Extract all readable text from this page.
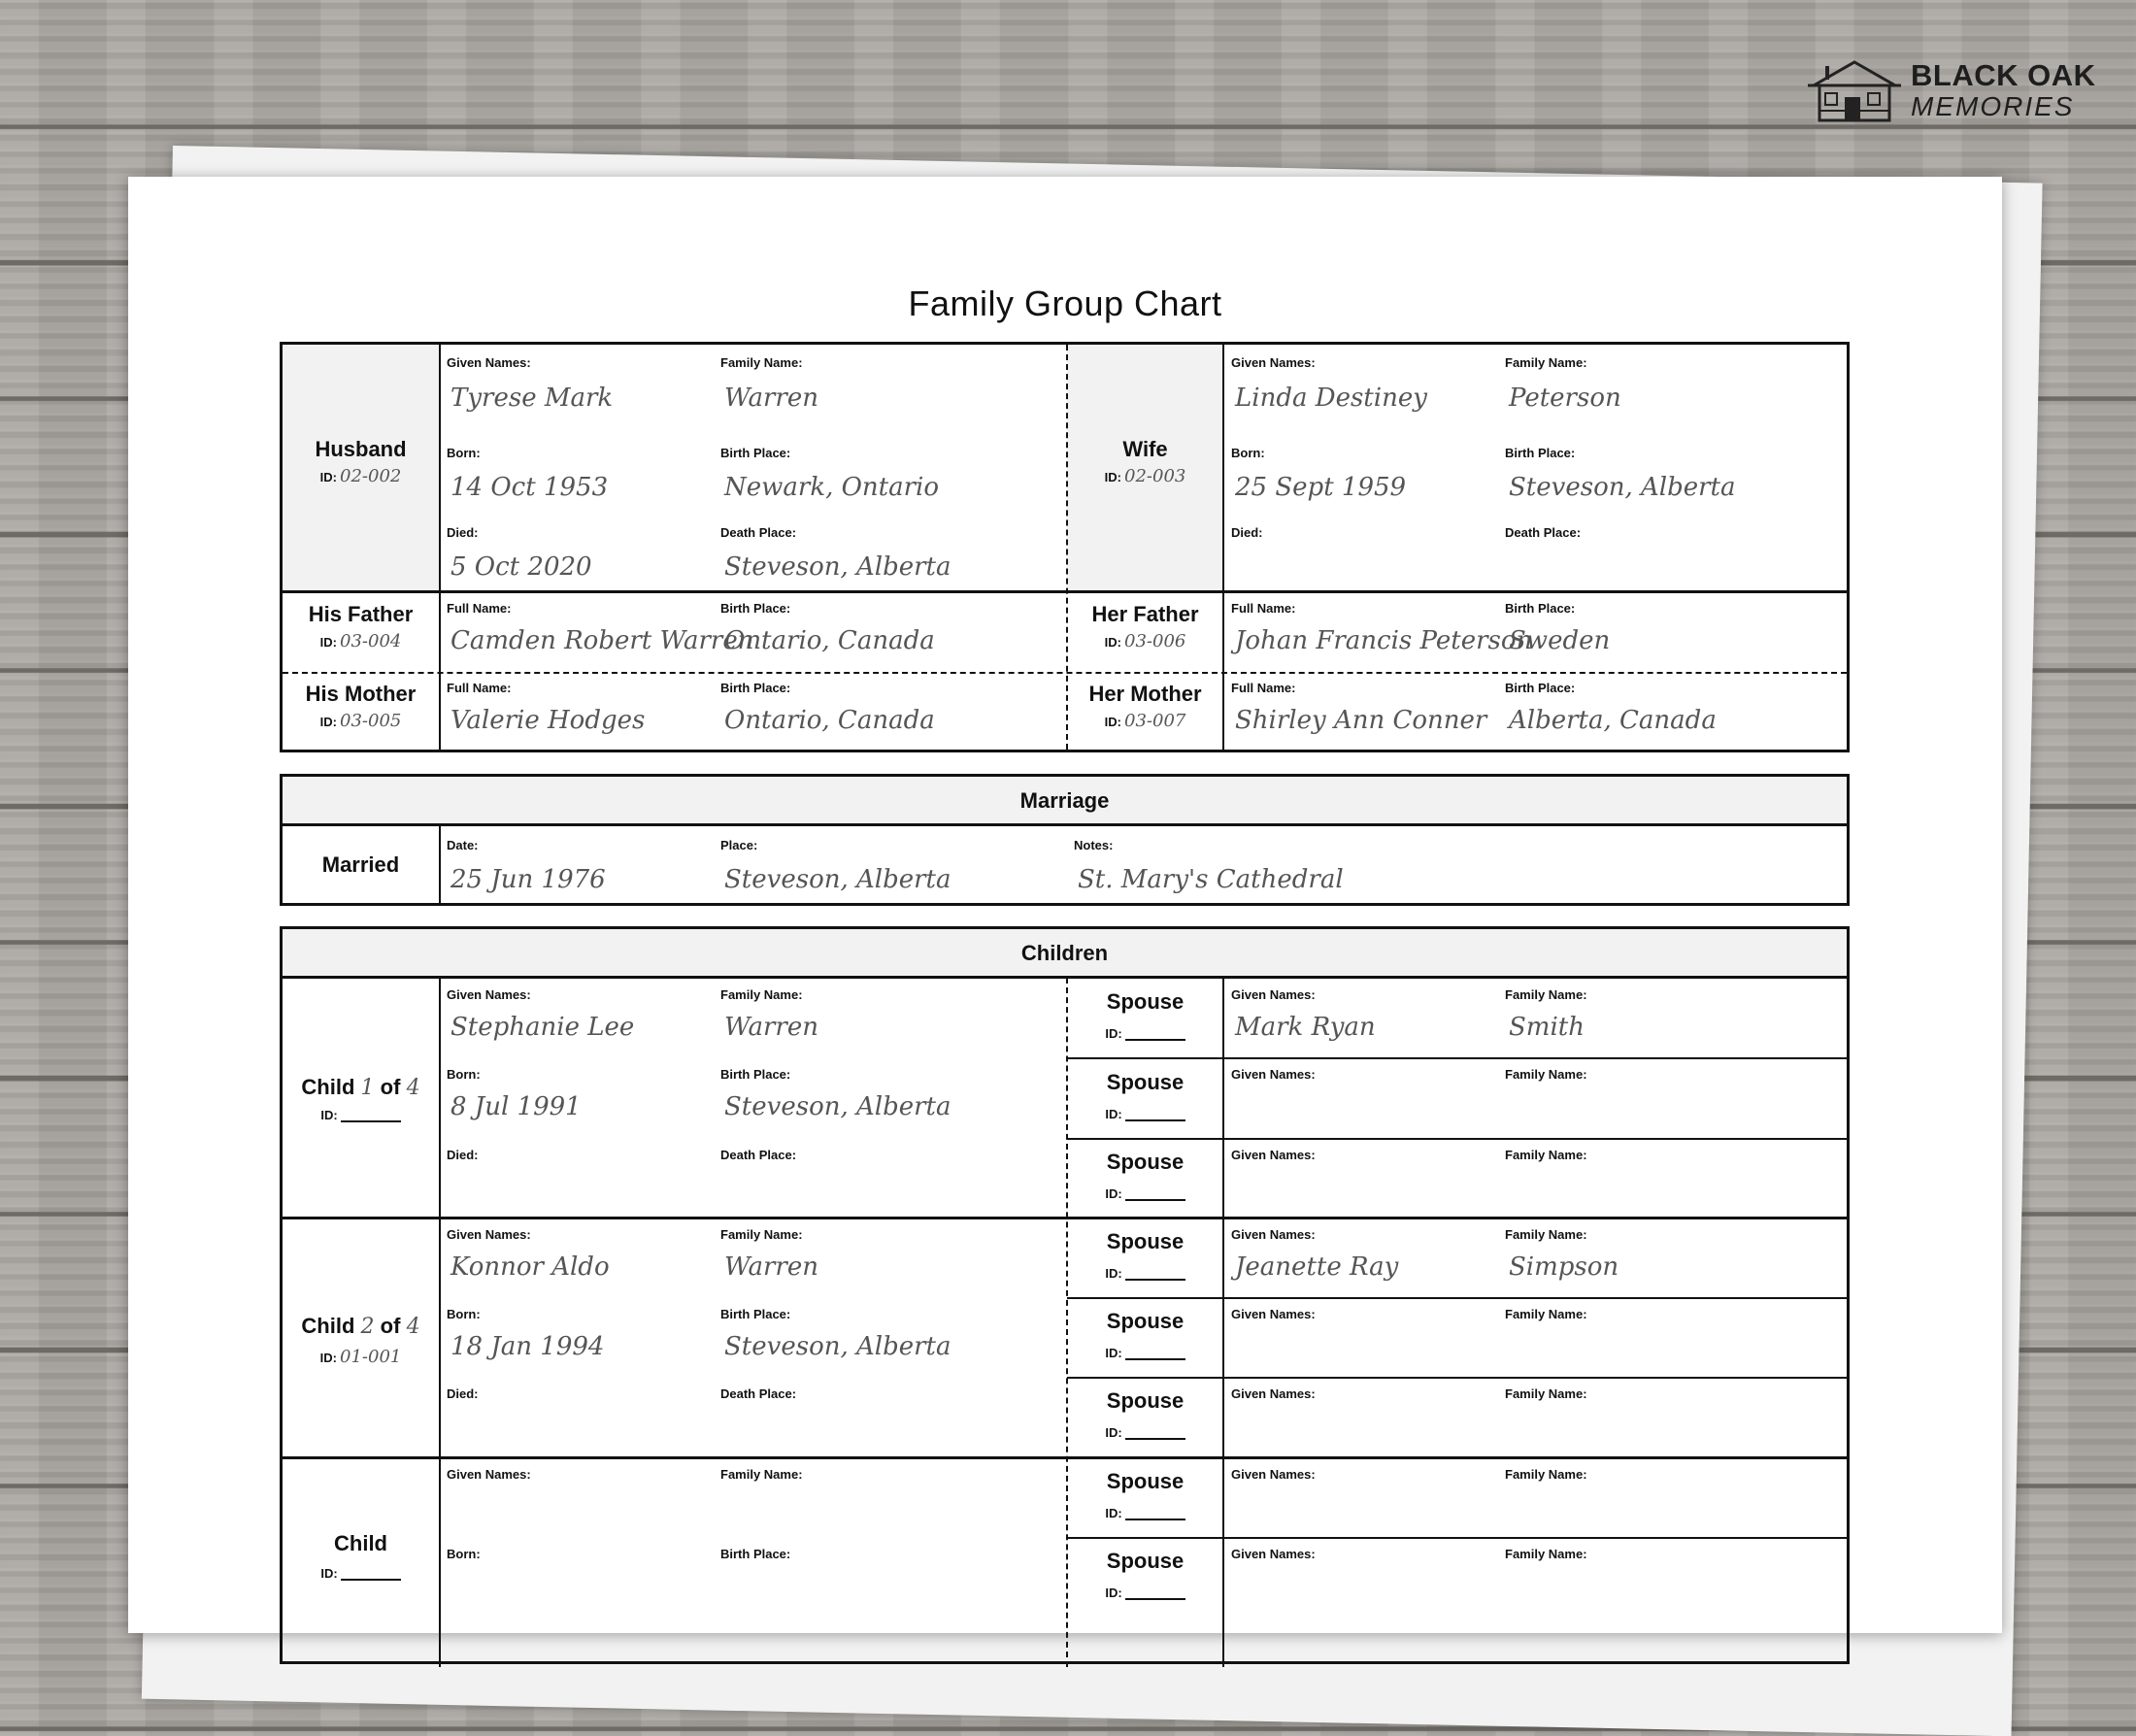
BLACK OAK
MEMORIES
Family Group Chart
Husband
ID: 02-002
Wife
ID: 02-003
Given Names:
Tyrese Mark
Family Name:
Warren
Born:
14 Oct 1953
Birth Place:
Newark, Ontario
Died:
5 Oct 2020
Death Place:
Steveson, Alberta
Given Names:
Linda Destiney
Family Name:
Peterson
Born:
25 Sept 1959
Birth Place:
Steveson, Alberta
Died:	Death Place:
His Father
ID: 03-004
Full Name:
Camden Robert Warren
Birth Place:
Ontario, Canada
Her Father
ID: 03-006
Full Name:
Johan Francis Peterson
Birth Place:
Sweden
His Mother
ID: 03-005
Full Name:
Valerie Hodges
Birth Place:
Ontario, Canada
Her Mother
ID: 03-007
Full Name:
Shirley Ann Conner
Birth Place:
Alberta, Canada
Marriage
Married
Date:
25 Jun 1976
Place:
Steveson, Alberta
Notes:
St. Mary's Cathedral
Children
Child 1 of 4
ID:
Given Names:
Stephanie Lee
Family Name:
Warren
Born:
8 Jul 1991
Birth Place:
Steveson, Alberta
Died:	Death Place:
Spouse
ID:
Given Names:
Mark Ryan
Family Name:
Smith
Spouse
ID:
Given Names:	Family Name:
Spouse
ID:
Given Names:	Family Name:
Child 2 of 4
ID: 01-001
Given Names:
Konnor Aldo
Family Name:
Warren
Born:
18 Jan 1994
Birth Place:
Steveson, Alberta
Died:	Death Place:
Spouse
ID:
Given Names:
Jeanette Ray
Family Name:
Simpson
Spouse
ID:
Given Names:	Family Name:
Spouse
ID:
Given Names:	Family Name:
Child
ID:
Given Names:	Family Name:
Born:	Birth Place:
Spouse
ID:
Given Names:	Family Name:
Spouse
ID:
Given Names:	Family Name:
